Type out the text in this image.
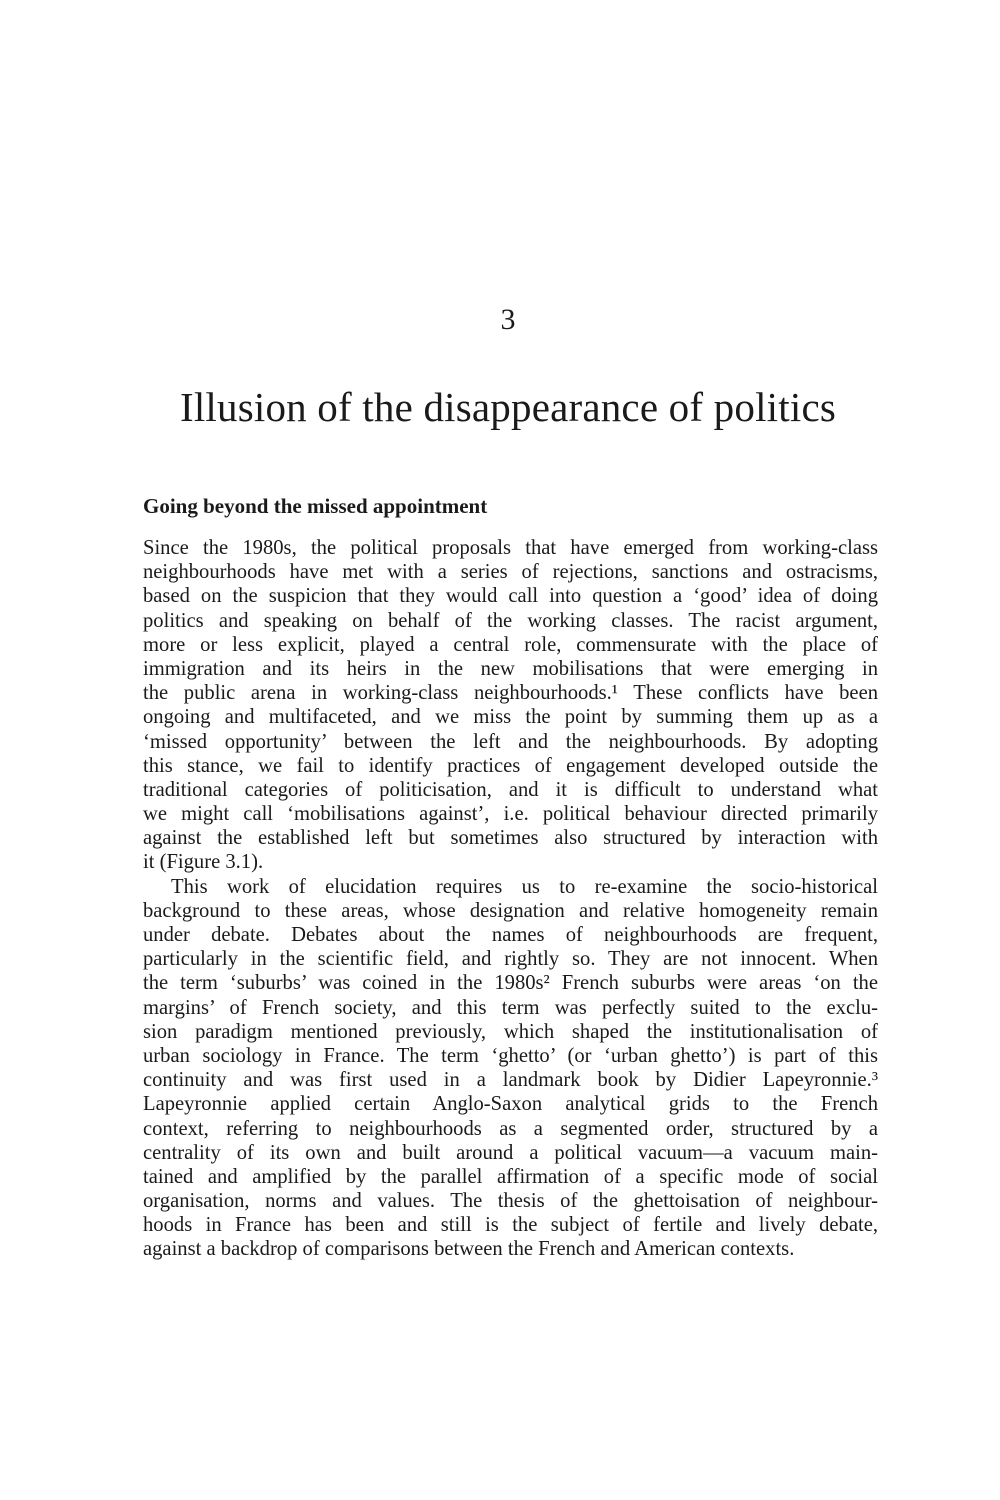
3
Illusion of the disappearance of politics
Going beyond the missed appointment
Since the 1980s, the political proposals that have emerged from working-class
neighbourhoods have met with a series of rejections, sanctions and ostracisms,
based on the suspicion that they would call into question a ‘good’ idea of doing
politics and speaking on behalf of the working classes. The racist argument,
more or less explicit, played a central role, commensurate with the place of
immigration and its heirs in the new mobilisations that were emerging in
the public arena in working-class neighbourhoods.¹ These conflicts have been
ongoing and multifaceted, and we miss the point by summing them up as a
‘missed opportunity’ between the left and the neighbourhoods. By adopting
this stance, we fail to identify practices of engagement developed outside the
traditional categories of politicisation, and it is difficult to understand what
we might call ‘mobilisations against’, i.e. political behaviour directed primarily
against the established left but sometimes also structured by interaction with
it (Figure 3.1).
This work of elucidation requires us to re-examine the socio-historical
background to these areas, whose designation and relative homogeneity remain
under debate. Debates about the names of neighbourhoods are frequent,
particularly in the scientific field, and rightly so. They are not innocent. When
the term ‘suburbs’ was coined in the 1980s² French suburbs were areas ‘on the
margins’ of French society, and this term was perfectly suited to the exclu-
sion paradigm mentioned previously, which shaped the institutionalisation of
urban sociology in France. The term ‘ghetto’ (or ‘urban ghetto’) is part of this
continuity and was first used in a landmark book by Didier Lapeyronnie.³
Lapeyronnie applied certain Anglo-Saxon analytical grids to the French
context, referring to neighbourhoods as a segmented order, structured by a
centrality of its own and built around a political vacuum—a vacuum main-
tained and amplified by the parallel affirmation of a specific mode of social
organisation, norms and values. The thesis of the ghettoisation of neighbour-
hoods in France has been and still is the subject of fertile and lively debate,
against a backdrop of comparisons between the French and American contexts.
